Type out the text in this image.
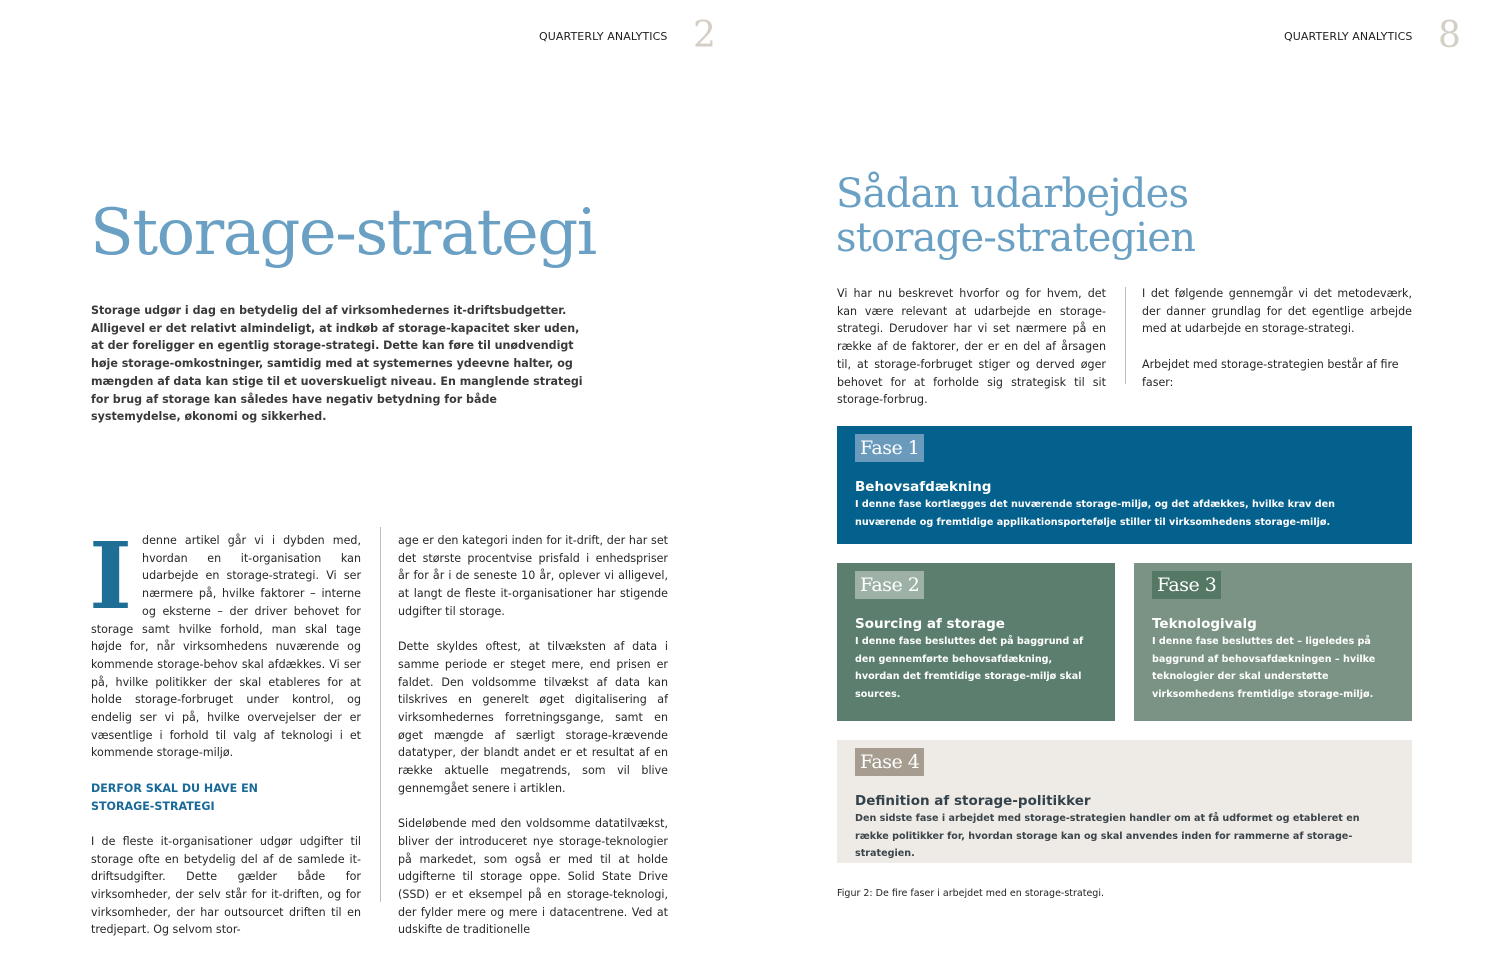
QUARTERLY ANALYTICS 2
Storage-strategi

Storage udgør i dag en betydelig del af virksomhedernes it-driftsbudgetter. Alligevel er det relativt almindeligt, at indkøb af storage-kapacitet sker uden, at der foreligger en egentlig storage-strategi. Dette kan føre til unødvendigt høje storage-omkostninger, samtidig med at systemernes ydeevne halter, og mængden af data kan stige til et uoverskueligt niveau. En manglende strategi for brug af storage kan således have negativ betydning for både systemydelse, økonomi og sikkerhed.

Idenne artikel går vi i dybden med, hvordan en it-organisation kan udarbejde en storage-strategi. Vi ser nærmere på, hvilke faktorer – interne og eksterne – der driver behovet for storage samt hvilke forhold, man skal tage højde for, når virksomhedens nuværende og kommende storage-behov skal afdækkes. Vi ser på, hvilke politikker der skal etableres for at holde storage-forbruget under kontrol, og endelig ser vi på, hvilke overvejelser der er væsentlige i forhold til valg af teknologi i et kommende storage-miljø.

DERFOR SKAL DU HAVE EN
STORAGE-STRATEGI

I de fleste it-organisationer udgør udgifter til storage ofte en betydelig del af de samlede it-driftsudgifter. Dette gælder både for virksomheder, der selv står for it-driften, og for virksomheder, der har outsourcet driften til en tredjepart. Og selvom stor-

age er den kategori inden for it-drift, der har set det største procentvise prisfald i enhedspriser år for år i de seneste 10 år, oplever vi alligevel, at langt de fleste it-organisationer har stigende udgifter til storage.

Dette skyldes oftest, at tilvæksten af data i samme periode er steget mere, end prisen er faldet. Den voldsomme tilvækst af data kan tilskrives en generelt øget digitalisering af virksomhedernes forretningsgange, samt en øget mængde af særligt storage-krævende datatyper, der blandt andet er et resultat af en række aktuelle megatrends, som vil blive gennemgået senere i artiklen.

Sideløbende med den voldsomme datatilvækst, bliver der introduceret nye storage-teknologier på markedet, som også er med til at holde udgifterne til storage oppe. Solid State Drive (SSD) er et eksempel på en storage-teknologi, der fylder mere og mere i datacentrene. Ved at udskifte de traditionelle

QUARTERLY ANALYTICS 8
Sådan udarbejdes
storage-strategien

Vi har nu beskrevet hvorfor og for hvem, det kan være relevant at udarbejde en storage-strategi. Derudover har vi set nærmere på en række af de faktorer, der er en del af årsagen til, at storage-forbruget stiger og derved øger behovet for at forholde sig strategisk til sit storage-forbrug.

I det følgende gennemgår vi det metodeværk, der danner grundlag for det egentlige arbejde med at udarbejde en storage-strategi.

Arbejdet med storage-strategien består af fire faser:

Fase 1
Behovsafdækning
I denne fase kortlægges det nuværende storage-miljø, og det afdækkes, hvilke krav den nuværende og fremtidige applikationsportefølje stiller til virksomhedens storage-miljø.
Fase 2
Sourcing af storage
I denne fase besluttes det på baggrund af den gennemførte behovsafdækning, hvordan det fremtidige storage-miljø skal sources.
Fase 3
Teknologivalg
I denne fase besluttes det – ligeledes på baggrund af behovsafdækningen – hvilke teknologier der skal understøtte virksomhedens fremtidige storage-miljø.
Fase 4
Definition af storage-politikker
Den sidste fase i arbejdet med storage-strategien handler om at få udformet og etableret en række politikker for, hvordan storage kan og skal anvendes inden for rammerne af storage-strategien.
Figur 2: De fire faser i arbejdet med en storage-strategi.
